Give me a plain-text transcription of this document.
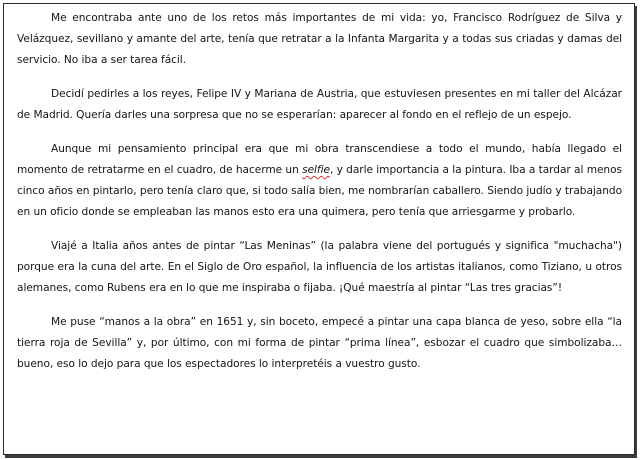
Me encontraba ante uno de los retos más importantes de mi vida: yo, Francisco Rodríguez de Silva y Velázquez, sevillano y amante del arte, tenía que retratar a la Infanta Margarita y a todas sus criadas y damas del servicio. No iba a ser tarea fácil.

Decidí pedirles a los reyes, Felipe IV y Mariana de Austria, que estuviesen presentes en mi taller del Alcázar de Madrid. Quería darles una sorpresa que no se esperarían: aparecer al fondo en el reflejo de un espejo.

Aunque mi pensamiento principal era que mi obra transcendiese a todo el mundo, había llegado el momento de retratarme en el cuadro, de hacerme un selfie, y darle importancia a la pintura. Iba a tardar al menos cinco años en pintarlo, pero tenía claro que, si todo salía bien, me nombrarían caballero. Siendo judío y trabajando en un oficio donde se empleaban las manos esto era una quimera, pero tenía que arriesgarme y probarlo.

Viajé a Italia años antes de pintar “Las Meninas” (la palabra viene del portugués y significa "muchacha") porque era la cuna del arte. En el Siglo de Oro español, la influencia de los artistas italianos, como Tiziano, u otros alemanes, como Rubens era en lo que me inspiraba o fijaba. ¡Qué maestría al pintar “Las tres gracias”!

Me puse “manos a la obra” en 1651 y, sin boceto, empecé a pintar una capa blanca de yeso, sobre ella “la tierra roja de Sevilla” y, por último, con mi forma de pintar “prima línea”, esbozar el cuadro que simbolizaba…bueno, eso lo dejo para que los espectadores lo interpretéis a vuestro gusto.
